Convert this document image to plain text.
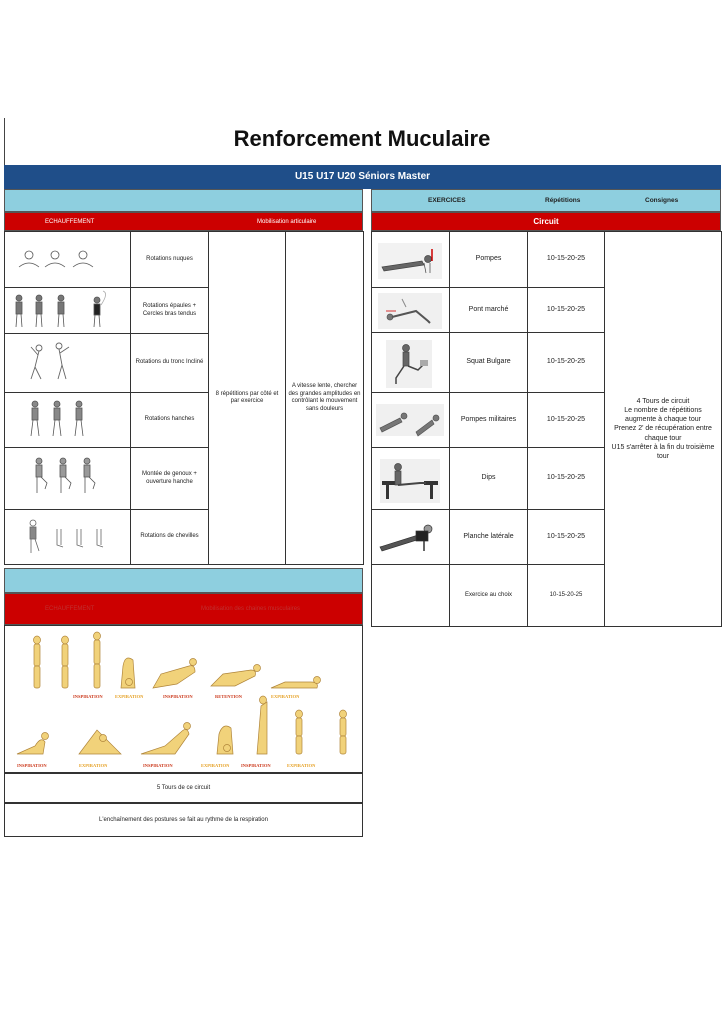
Renforcement Muculaire
U15 U17 U20 Séniors Master
ECHAUFFEMENT	Mobilisation articulaire
	Rotations nuques	8 répétitions par côté et par exercice	A vitesse lente, chercher des grandes amplitudes en contrôlant le mouvement sans douleurs

	Rotations épaules + Cercles bras tendus		

	Rotations du tronc Incliné		

	Rotations hanches		

	Montée de genoux + ouverture hanche		

	Rotations de chevilles		
ECHAUFFEMENT	Mobilisation des chaines musculaires
INSPIRATION	EXPIRATION	INSPIRATION	RETENTION	EXPIRATION
INSPIRATION	EXPIRATION	INSPIRATION	EXPIRATION	INSPIRATION	EXPIRATION
5 Tours de ce circuit
L'enchaînement des postures se fait au rythme de la respiration
EXERCICES	Répétitions	Consignes
Circuit
	Pompes	10-15-20-25	4 Tours de circuit
Le nombre de répétitions augmente à chaque tour
Prenez 2' de récupération entre chaque tour
U15 s'arrêter à la fin du troisième tour

	Pont marché	10-15-20-25	

	Squat Bulgare	10-15-20-25	

	Pompes militaires	10-15-20-25	

	Dips	10-15-20-25	

	Planche latérale	10-15-20-25	
	Exercice au choix	10-15-20-25	
